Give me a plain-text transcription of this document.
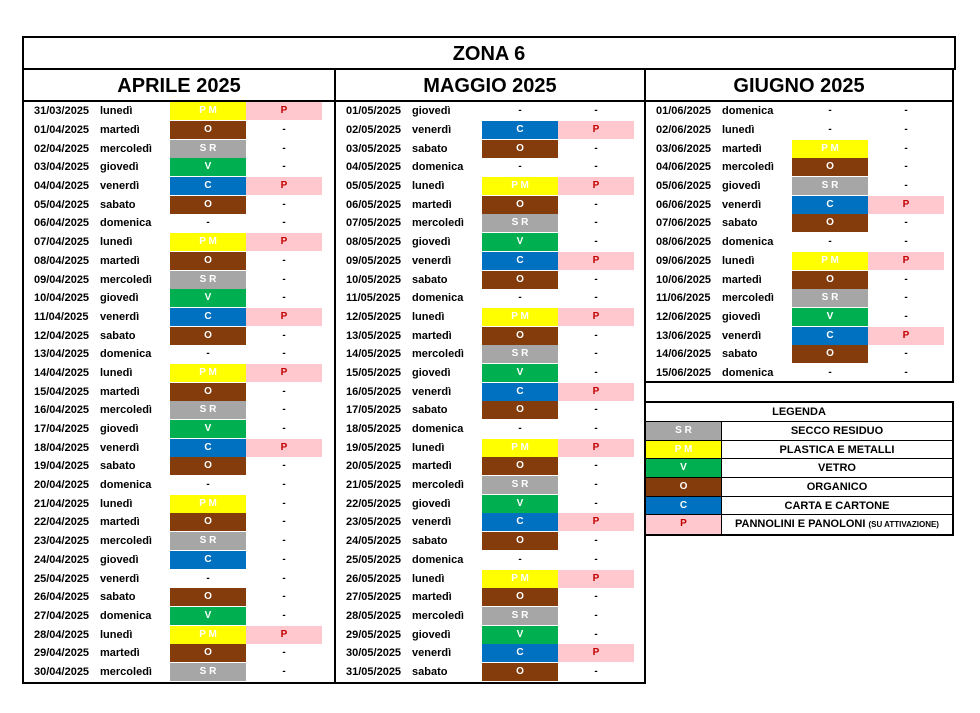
ZONA 6
APRILE 2025
31/03/2025 lunedì	P M	P
01/04/2025 martedì	O	-
02/04/2025 mercoledì	S R	-
03/04/2025 giovedì	V	-
04/04/2025 venerdì	C	P
05/04/2025 sabato	O	-
06/04/2025 domenica	-	-
07/04/2025 lunedì	P M	P
08/04/2025 martedì	O	-
09/04/2025 mercoledì	S R	-
10/04/2025 giovedì	V	-
11/04/2025	venerdì	C	P
12/04/2025 sabato	O	-
13/04/2025 domenica	-	-
14/04/2025 lunedì	P M	P
15/04/2025 martedì	O	-
16/04/2025 mercoledì	S R	-
17/04/2025 giovedì	V	-
18/04/2025 venerdì	C	P
19/04/2025 sabato	O	-
20/04/2025 domenica	-	-
21/04/2025 lunedì	P M	-
22/04/2025 martedì	O	-
23/04/2025 mercoledì	S R	-
24/04/2025 giovedì	C	-
25/04/2025 venerdì	-	-
26/04/2025 sabato	O	-
27/04/2025 domenica	V	-
28/04/2025 lunedì	P M	P
29/04/2025 martedì	O	-
30/04/2025 mercoledì	S R	-
MAGGIO 2025
01/05/2025 giovedì	-	-
02/05/2025 venerdì	C	P
03/05/2025 sabato	O	-
04/05/2025 domenica	-	-
05/05/2025 lunedì	P M	P
06/05/2025 martedì	O	-
07/05/2025 mercoledì	S R	-
08/05/2025 giovedì	V	-
09/05/2025 venerdì	C	P
10/05/2025 sabato	O	-
11/05/2025	domenica	-	-
12/05/2025 lunedì	P M	P
13/05/2025 martedì	O	-
14/05/2025 mercoledì	S R	-
15/05/2025 giovedì	V	-
16/05/2025 venerdì	C	P
17/05/2025 sabato	O	-
18/05/2025 domenica	-	-
19/05/2025 lunedì	P M	P
20/05/2025 martedì	O	-
21/05/2025 mercoledì	S R	-
22/05/2025 giovedì	V	-
23/05/2025 venerdì	C	P
24/05/2025 sabato	O	-
25/05/2025 domenica	-	-
26/05/2025 lunedì	P M	P
27/05/2025 martedì	O	-
28/05/2025 mercoledì	S R	-
29/05/2025 giovedì	V	-
30/05/2025 venerdì	C	P
31/05/2025 sabato	O	-
GIUGNO 2025
01/06/2025 domenica	-	-
02/06/2025 lunedì	-	-
03/06/2025 martedì	P M	-
04/06/2025 mercoledì	O	-
05/06/2025 giovedì	S R	-
06/06/2025 venerdì	C	P
07/06/2025 sabato	O	-
08/06/2025 domenica	-	-
09/06/2025 lunedì	P M	P
10/06/2025 martedì	O	-
11/06/2025	mercoledì	S R	-
12/06/2025 giovedì	V	-
13/06/2025 venerdì	C	P
14/06/2025 sabato	O	-
15/06/2025 domenica	-	-
LEGENDA
S R	SECCO RESIDUO
P M	PLASTICA E METALLI
V	VETRO
O	ORGANICO
C	CARTA E CARTONE
P	PANNOLINI E PANOLONI (SU ATTIVAZIONE)
